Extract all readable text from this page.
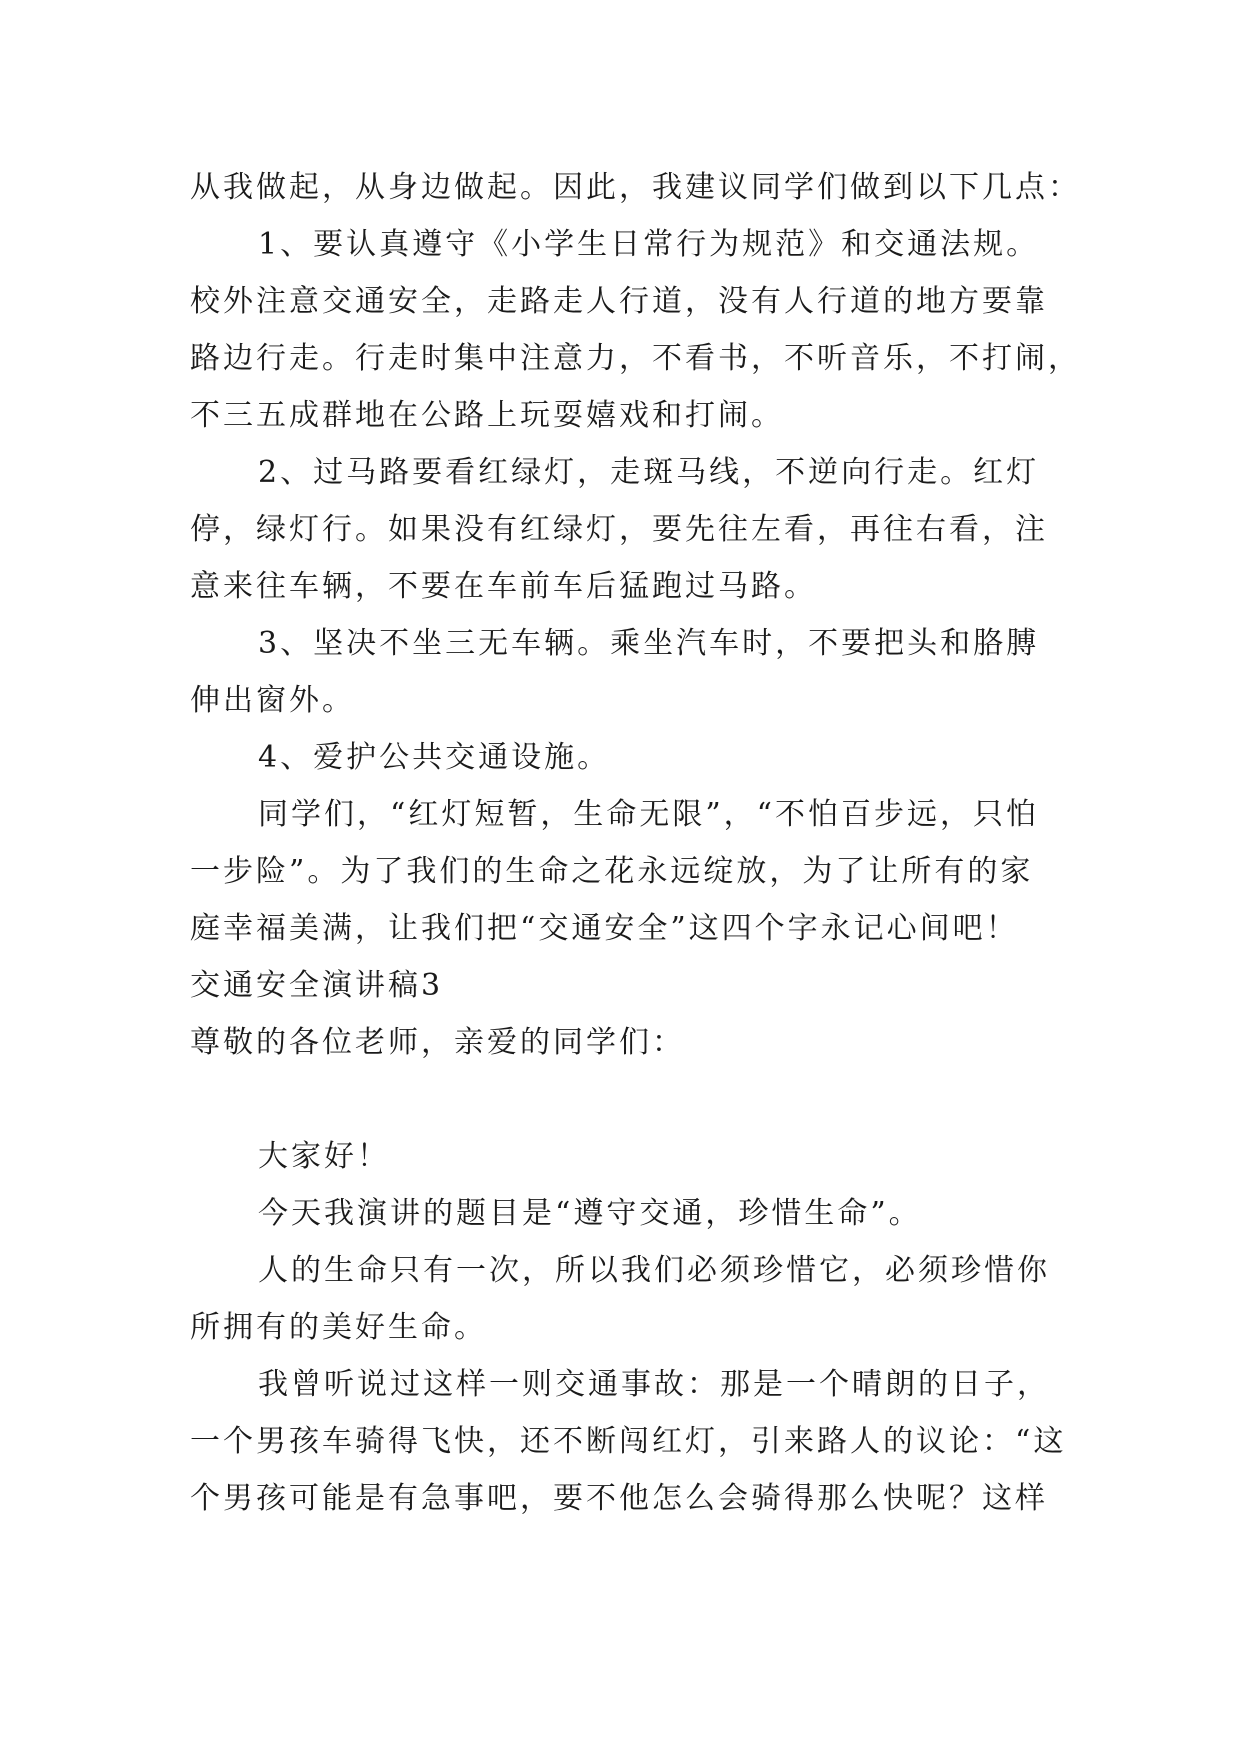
从我做起，从身边做起。因此，我建议同学们做到以下几点：
1、要认真遵守《小学生日常行为规范》和交通法规。
校外注意交通安全，走路走人行道，没有人行道的地方要靠
路边行走。行走时集中注意力，不看书，不听音乐，不打闹，
不三五成群地在公路上玩耍嬉戏和打闹。
2、过马路要看红绿灯，走斑马线，不逆向行走。红灯
停，绿灯行。如果没有红绿灯，要先往左看，再往右看，注
意来往车辆，不要在车前车后猛跑过马路。
3、坚决不坐三无车辆。乘坐汽车时，不要把头和胳膊
伸出窗外。
4、爱护公共交通设施。
同学们，“红灯短暂，生命无限”，“不怕百步远，只怕
一步险”。为了我们的生命之花永远绽放，为了让所有的家
庭幸福美满，让我们把“交通安全”这四个字永记心间吧！
交通安全演讲稿3
尊敬的各位老师，亲爱的同学们：
大家好！
今天我演讲的题目是“遵守交通，珍惜生命”。
人的生命只有一次，所以我们必须珍惜它，必须珍惜你
所拥有的美好生命。
我曾听说过这样一则交通事故：那是一个晴朗的日子，
一个男孩车骑得飞快，还不断闯红灯，引来路人的议论：“这
个男孩可能是有急事吧，要不他怎么会骑得那么快呢？这样
